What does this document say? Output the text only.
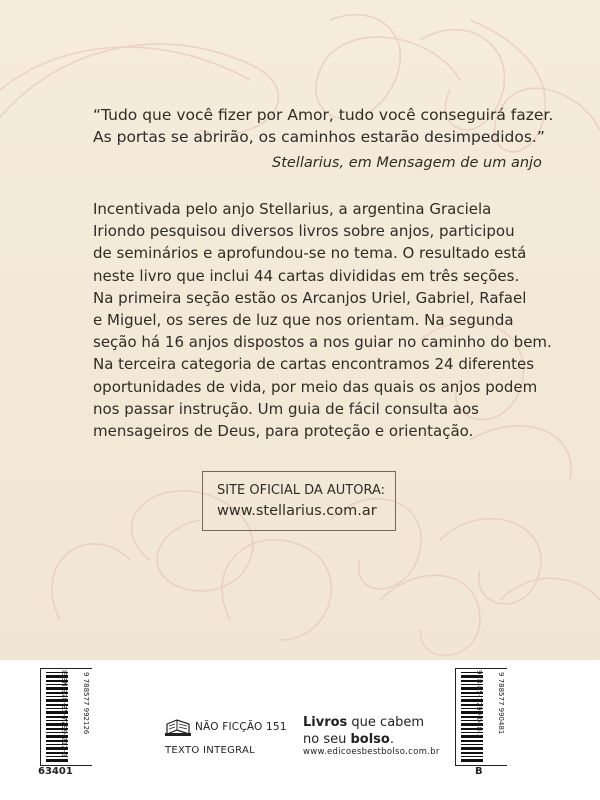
“Tudo que você fizer por Amor, tudo você conseguirá fazer.
As portas se abrirão, os caminhos estarão desimpedidos.”
Stellarius, em Mensagem de um anjo
Incentivada pelo anjo Stellarius, a argentina Graciela
Iriondo pesquisou diversos livros sobre anjos, participou
de seminários e aprofundou-se no tema. O resultado está
neste livro que inclui 44 cartas divididas em três seções.
Na primeira seção estão os Arcanjos Uriel, Gabriel, Rafael
e Miguel, os seres de luz que nos orientam. Na segunda
seção há 16 anjos dispostos a nos guiar no caminho do bem.
Na terceira categoria de cartas encontramos 24 diferentes
oportunidades de vida, por meio das quais os anjos podem
nos passar instrução. Um guia de fácil consulta aos
mensageiros de Deus, para proteção e orientação.
SITE OFICIAL DA AUTORA:
www.stellarius.com.ar
ISBN 978-85-7799-212-6 9 788577 992126
63401
978-85-7799-048-1 9 788577 990481
B
NÃO FICÇÃO 151
TEXTO INTEGRAL
Livros que cabem
no seu bolso.
www.edicoesbestbolso.com.br
